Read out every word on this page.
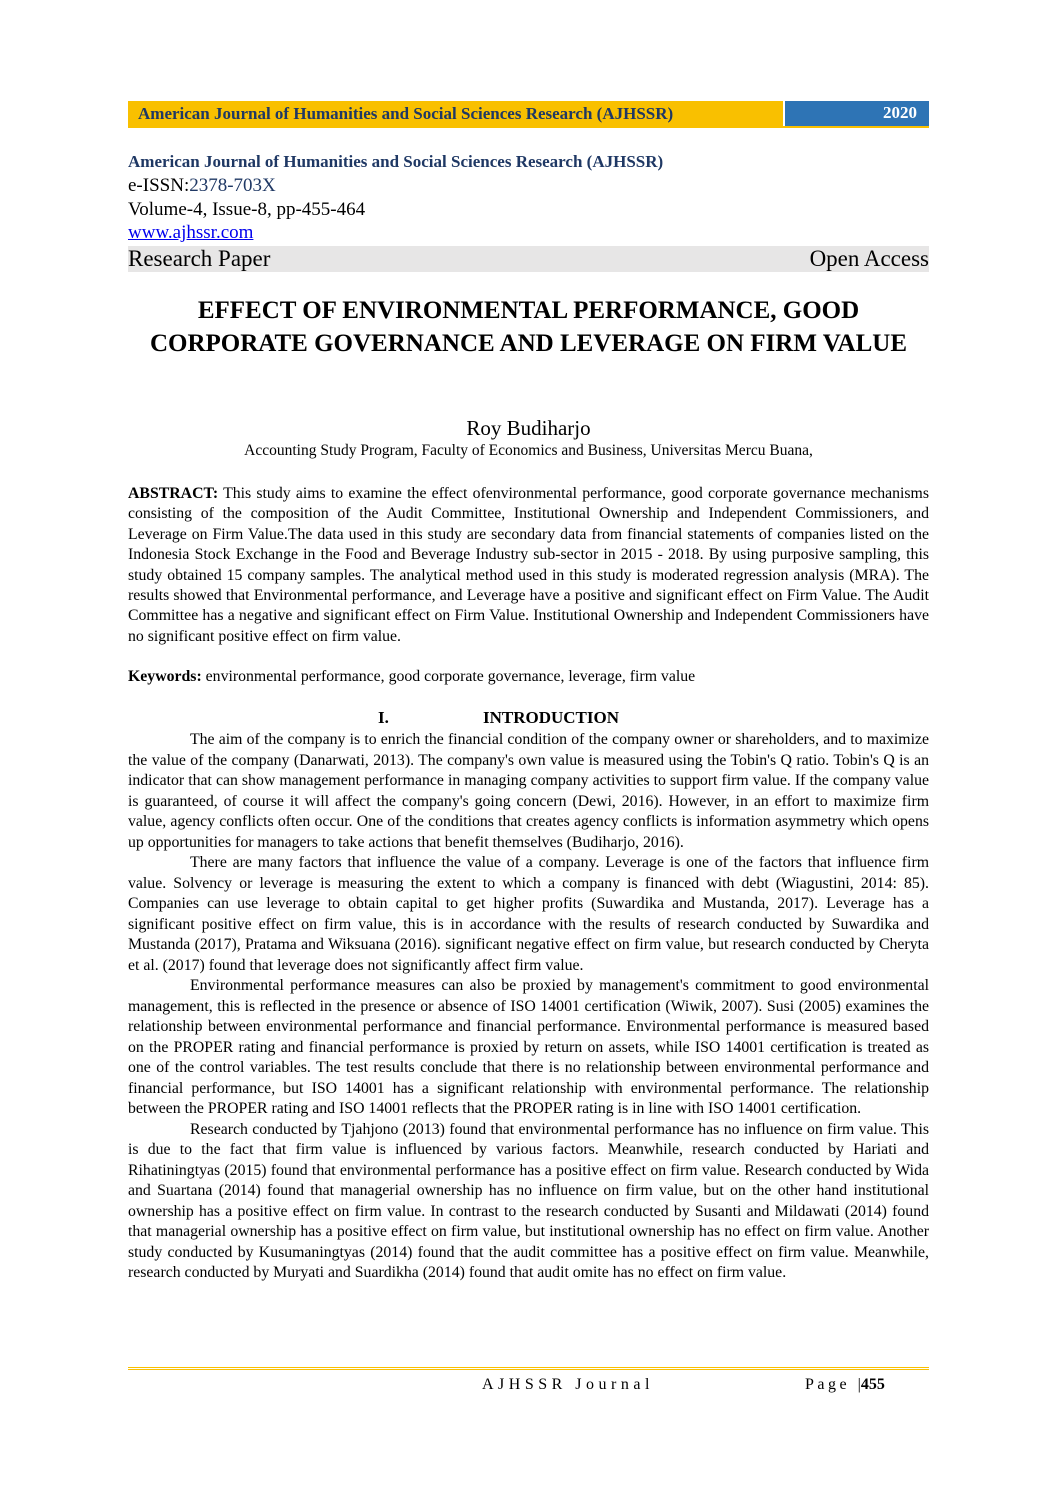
American Journal of Humanities and Social Sciences Research (AJHSSR)	2020
American Journal of Humanities and Social Sciences Research (AJHSSR)
e-ISSN:2378-703X
Volume-4, Issue-8, pp-455-464
www.ajhssr.com
Research Paper	Open Access
EFFECT OF ENVIRONMENTAL PERFORMANCE, GOOD CORPORATE GOVERNANCE AND LEVERAGE ON FIRM VALUE
Roy Budiharjo
Accounting Study Program, Faculty of Economics and Business, Universitas Mercu Buana,
ABSTRACT: This study aims to examine the effect ofenvironmental performance, good corporate governance mechanisms consisting of the composition of the Audit Committee, Institutional Ownership and Independent Commissioners, and Leverage on Firm Value.The data used in this study are secondary data from financial statements of companies listed on the Indonesia Stock Exchange in the Food and Beverage Industry sub-sector in 2015 - 2018. By using purposive sampling, this study obtained 15 company samples. The analytical method used in this study is moderated regression analysis (MRA). The results showed that Environmental performance, and Leverage have a positive and significant effect on Firm Value. The Audit Committee has a negative and significant effect on Firm Value. Institutional Ownership and Independent Commissioners have no significant positive effect on firm value.
Keywords: environmental performance, good corporate governance, leverage, firm value
I.	INTRODUCTION

The aim of the company is to enrich the financial condition of the company owner or shareholders, and to maximize the value of the company (Danarwati, 2013). The company's own value is measured using the Tobin's Q ratio. Tobin's Q is an indicator that can show management performance in managing company activities to support firm value. If the company value is guaranteed, of course it will affect the company's going concern (Dewi, 2016). However, in an effort to maximize firm value, agency conflicts often occur. One of the conditions that creates agency conflicts is information asymmetry which opens up opportunities for managers to take actions that benefit themselves (Budiharjo, 2016).

There are many factors that influence the value of a company. Leverage is one of the factors that influence firm value. Solvency or leverage is measuring the extent to which a company is financed with debt (Wiagustini, 2014: 85). Companies can use leverage to obtain capital to get higher profits (Suwardika and Mustanda, 2017). Leverage has a significant positive effect on firm value, this is in accordance with the results of research conducted by Suwardika and Mustanda (2017), Pratama and Wiksuana (2016). significant negative effect on firm value, but research conducted by Cheryta et al. (2017) found that leverage does not significantly affect firm value.

Environmental performance measures can also be proxied by management's commitment to good environmental management, this is reflected in the presence or absence of ISO 14001 certification (Wiwik, 2007). Susi (2005) examines the relationship between environmental performance and financial performance. Environmental performance is measured based on the PROPER rating and financial performance is proxied by return on assets, while ISO 14001 certification is treated as one of the control variables. The test results conclude that there is no relationship between environmental performance and financial performance, but ISO 14001 has a significant relationship with environmental performance. The relationship between the PROPER rating and ISO 14001 reflects that the PROPER rating is in line with ISO 14001 certification.

Research conducted by Tjahjono (2013) found that environmental performance has no influence on firm value. This is due to the fact that firm value is influenced by various factors. Meanwhile, research conducted by Hariati and Rihatiningtyas (2015) found that environmental performance has a positive effect on firm value. Research conducted by Wida and Suartana (2014) found that managerial ownership has no influence on firm value, but on the other hand institutional ownership has a positive effect on firm value. In contrast to the research conducted by Susanti and Mildawati (2014) found that managerial ownership has a positive effect on firm value, but institutional ownership has no effect on firm value. Another study conducted by Kusumaningtyas (2014) found that the audit committee has a positive effect on firm value. Meanwhile, research conducted by Muryati and Suardikha (2014) found that audit omite has no effect on firm value.

AJHSSR Journal	Page |455
